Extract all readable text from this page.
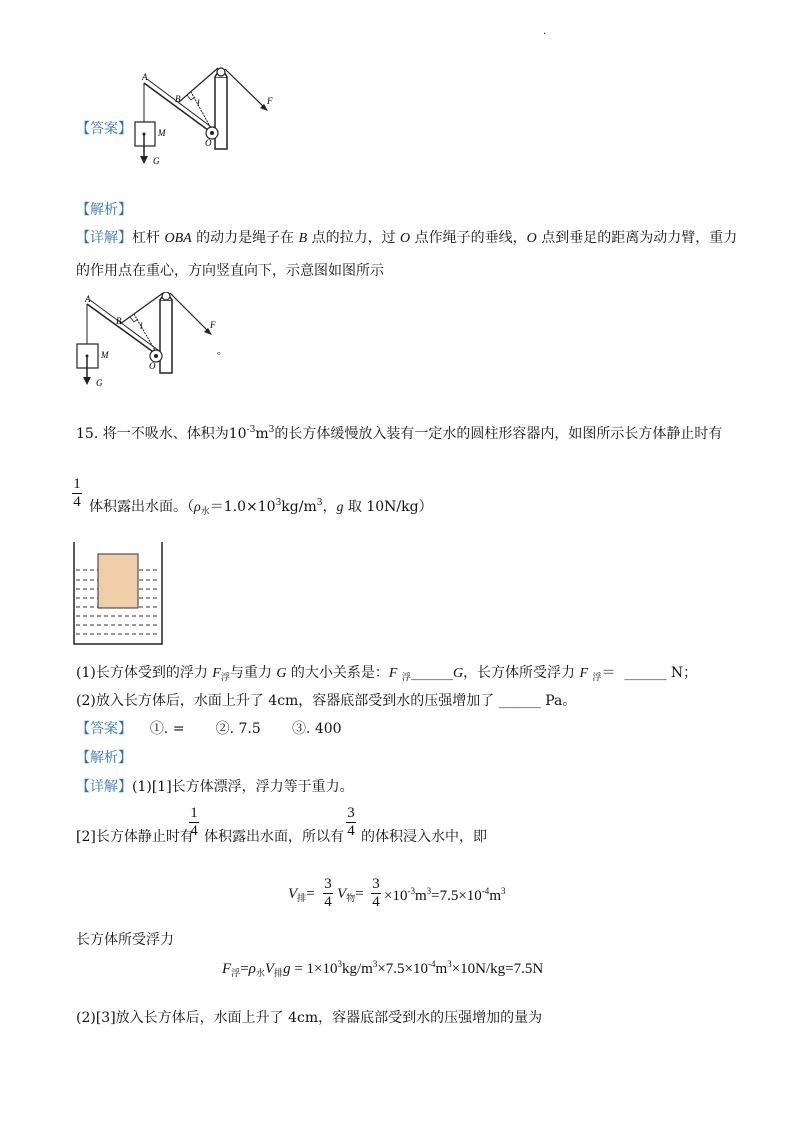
.
A
B l	F
M
O
G
【答案】
【解析】
【详解】杠杆 OBA 的动力是绳子在 B 点的拉力，过 O 点作绳子的垂线，O 点到垂足的距离为动力臂，重力
的作用点在重心，方向竖直向下，示意图如图所示
A
B l	F
M
O
G
。
15. 将一不吸水、体积为$10^{-3}m^3$的长方体缓慢放入装有一定水的圆柱形容器内，如图所示长方体静止时有
1
4 体积露出水面。（$\rho_水=1.0\times 10^3kg/m^3$，g 取 10N/kg）
(1)长方体受到的浮力 $F_浮$与重力 G 的大小关系是：F $_浮$______G，长方体所受浮力 F $_浮$＝ ______ N；
(2)放入长方体后，水面上升了 4cm，容器底部受到水的压强增加了 ______ Pa。
【答案】 ①. = ②. 7.5 ③. 400
【解析】
【详解】(1)[1]长方体漂浮，浮力等于重力。
[2]长方体静止时有
1
4 体积露出水面，所以有
3
4 的体积浸入水中，即
$V_排=$
3
4 $V_物=$
3
$4 \times 10^{-3}m^3=7.5\times 10^{-4}m^3$
长方体所受浮力
$F_浮=\rho_水V_排g = 1\times 10^3kg/m^3\times 7.5\times 10^{-4}m^3\times 10N/kg=7.5N$
(2)[3]放入长方体后，水面上升了 4cm，容器底部受到水的压强增加的量为
